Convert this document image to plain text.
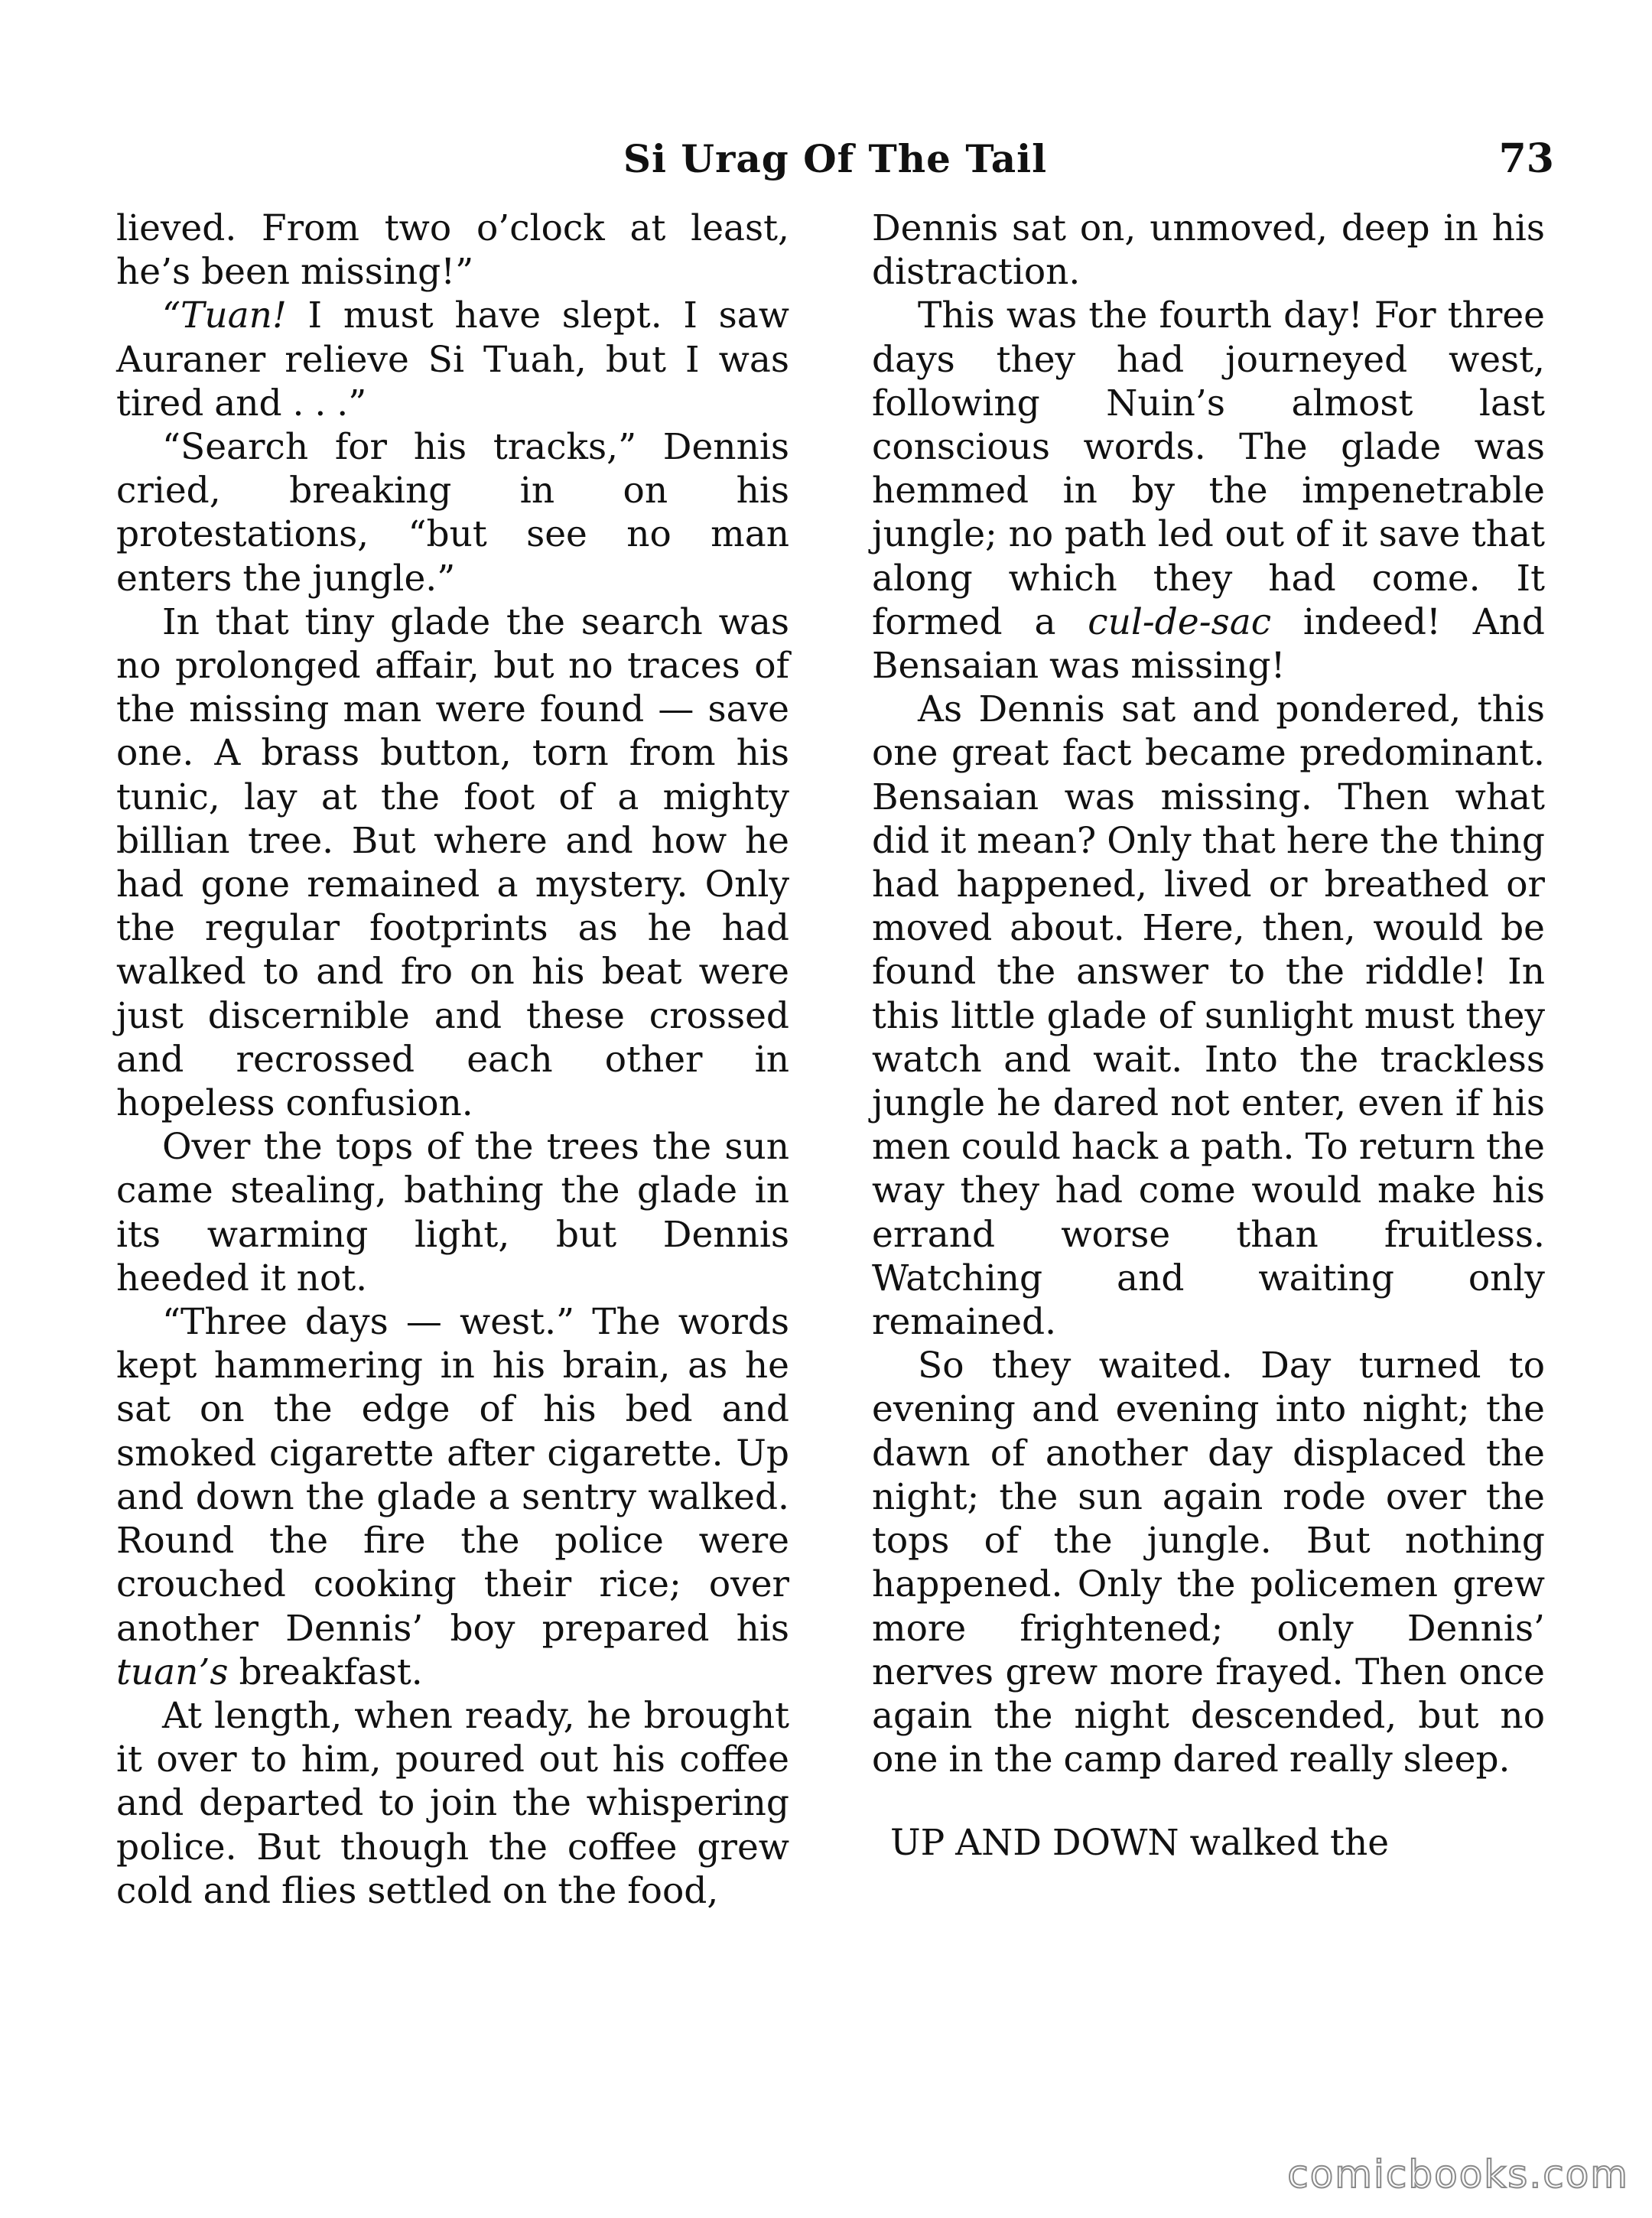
Si Urag Of The Tail	73

lieved. From two o’clock at least, he’s been missing!”

“Tuan! I must have slept. I saw Auraner relieve Si Tuah, but I was tired and . . .”

“Search for his tracks,” Dennis cried, breaking in on his protestations, “but see no man enters the jungle.”

In that tiny glade the search was no prolonged affair, but no traces of the missing man were found — save one. A brass button, torn from his tunic, lay at the foot of a mighty billian tree. But where and how he had gone remained a mystery. Only the regular footprints as he had walked to and fro on his beat were just discernible and these crossed and recrossed each other in hopeless confusion.

Over the tops of the trees the sun came stealing, bathing the glade in its warming light, but Dennis heeded it not.

“Three days — west.” The words kept hammering in his brain, as he sat on the edge of his bed and smoked cigarette after cigarette. Up and down the glade a sentry walked. Round the fire the police were crouched cooking their rice; over another Dennis’ boy prepared his tuan’s breakfast.

At length, when ready, he brought it over to him, poured out his coffee and departed to join the whispering police. But though the coffee grew cold and flies settled on the food,

Dennis sat on, unmoved, deep in his distraction.

This was the fourth day! For three days they had journeyed west, following Nuin’s almost last conscious words. The glade was hemmed in by the impenetrable jungle; no path led out of it save that along which they had come. It formed a cul-de-sac indeed! And Bensaian was missing!

As Dennis sat and pondered, this one great fact became predominant. Bensaian was missing. Then what did it mean? Only that here the thing had happened, lived or breathed or moved about. Here, then, would be found the answer to the riddle! In this little glade of sunlight must they watch and wait. Into the trackless jungle he dared not enter, even if his men could hack a path. To return the way they had come would make his errand worse than fruitless. Watching and waiting only remained.

So they waited. Day turned to evening and evening into night; the dawn of another day displaced the night; the sun again rode over the tops of the jungle. But nothing happened. Only the policemen grew more frightened; only Dennis’ nerves grew more frayed. Then once again the night descended, but no one in the camp dared really sleep.

UP AND DOWN walked the

comicbooks.com
